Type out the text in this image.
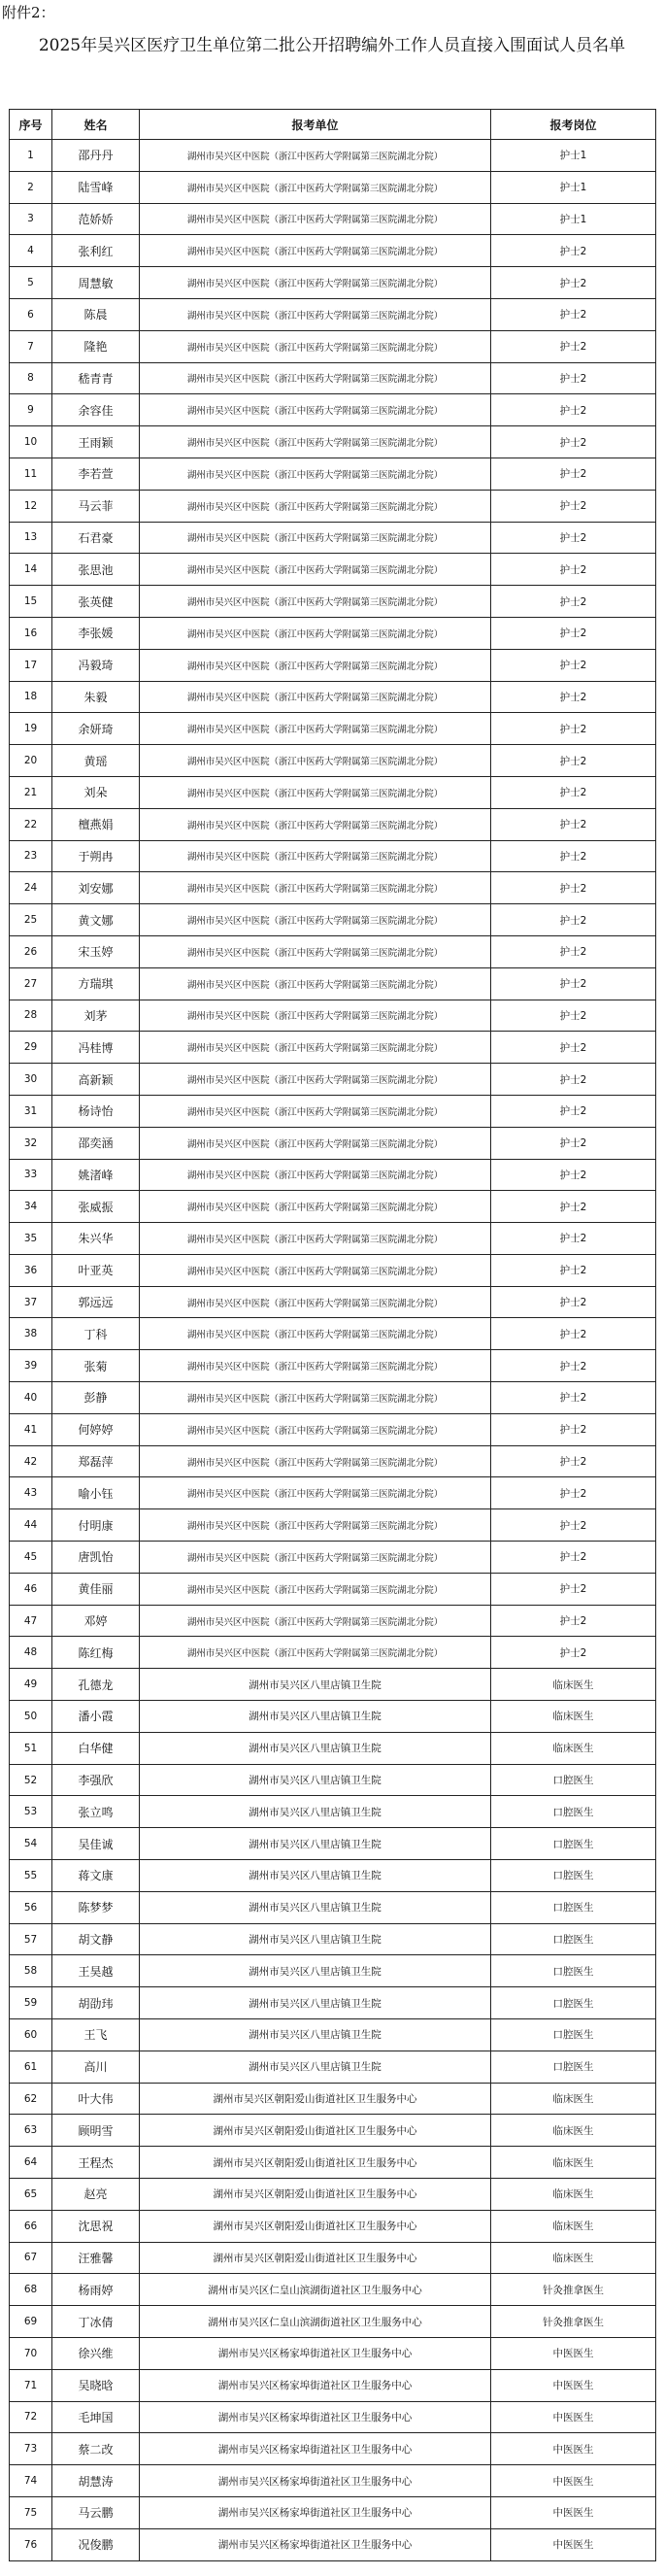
附件2：
2025年吴兴区医疗卫生单位第二批公开招聘编外工作人员直接入围面试人员名单
序号	姓名	报考单位	报考岗位
1	邵丹丹	湖州市吴兴区中医院（浙江中医药大学附属第三医院湖北分院）	护士1
2	陆雪峰	湖州市吴兴区中医院（浙江中医药大学附属第三医院湖北分院）	护士1
3	范娇娇	湖州市吴兴区中医院（浙江中医药大学附属第三医院湖北分院）	护士1
4	张利红	湖州市吴兴区中医院（浙江中医药大学附属第三医院湖北分院）	护士2
5	周慧敏	湖州市吴兴区中医院（浙江中医药大学附属第三医院湖北分院）	护士2
6	陈晨	湖州市吴兴区中医院（浙江中医药大学附属第三医院湖北分院）	护士2
7	隆艳	湖州市吴兴区中医院（浙江中医药大学附属第三医院湖北分院）	护士2
8	嵇青青	湖州市吴兴区中医院（浙江中医药大学附属第三医院湖北分院）	护士2
9	余容佳	湖州市吴兴区中医院（浙江中医药大学附属第三医院湖北分院）	护士2
10	王雨颖	湖州市吴兴区中医院（浙江中医药大学附属第三医院湖北分院）	护士2
11	李若萱	湖州市吴兴区中医院（浙江中医药大学附属第三医院湖北分院）	护士2
12	马云菲	湖州市吴兴区中医院（浙江中医药大学附属第三医院湖北分院）	护士2
13	石君豪	湖州市吴兴区中医院（浙江中医药大学附属第三医院湖北分院）	护士2
14	张思池	湖州市吴兴区中医院（浙江中医药大学附属第三医院湖北分院）	护士2
15	张英健	湖州市吴兴区中医院（浙江中医药大学附属第三医院湖北分院）	护士2
16	李张媛	湖州市吴兴区中医院（浙江中医药大学附属第三医院湖北分院）	护士2
17	冯毅琦	湖州市吴兴区中医院（浙江中医药大学附属第三医院湖北分院）	护士2
18	朱毅	湖州市吴兴区中医院（浙江中医药大学附属第三医院湖北分院）	护士2
19	余妍琦	湖州市吴兴区中医院（浙江中医药大学附属第三医院湖北分院）	护士2
20	黄瑶	湖州市吴兴区中医院（浙江中医药大学附属第三医院湖北分院）	护士2
21	刘朵	湖州市吴兴区中医院（浙江中医药大学附属第三医院湖北分院）	护士2
22	檀燕娟	湖州市吴兴区中医院（浙江中医药大学附属第三医院湖北分院）	护士2
23	于朔冉	湖州市吴兴区中医院（浙江中医药大学附属第三医院湖北分院）	护士2
24	刘安娜	湖州市吴兴区中医院（浙江中医药大学附属第三医院湖北分院）	护士2
25	黄文娜	湖州市吴兴区中医院（浙江中医药大学附属第三医院湖北分院）	护士2
26	宋玉婷	湖州市吴兴区中医院（浙江中医药大学附属第三医院湖北分院）	护士2
27	方瑞琪	湖州市吴兴区中医院（浙江中医药大学附属第三医院湖北分院）	护士2
28	刘茅	湖州市吴兴区中医院（浙江中医药大学附属第三医院湖北分院）	护士2
29	冯桂博	湖州市吴兴区中医院（浙江中医药大学附属第三医院湖北分院）	护士2
30	高新颖	湖州市吴兴区中医院（浙江中医药大学附属第三医院湖北分院）	护士2
31	杨诗怡	湖州市吴兴区中医院（浙江中医药大学附属第三医院湖北分院）	护士2
32	邵奕涵	湖州市吴兴区中医院（浙江中医药大学附属第三医院湖北分院）	护士2
33	姚渚峰	湖州市吴兴区中医院（浙江中医药大学附属第三医院湖北分院）	护士2
34	张威振	湖州市吴兴区中医院（浙江中医药大学附属第三医院湖北分院）	护士2
35	朱兴华	湖州市吴兴区中医院（浙江中医药大学附属第三医院湖北分院）	护士2
36	叶亚英	湖州市吴兴区中医院（浙江中医药大学附属第三医院湖北分院）	护士2
37	郭远远	湖州市吴兴区中医院（浙江中医药大学附属第三医院湖北分院）	护士2
38	丁科	湖州市吴兴区中医院（浙江中医药大学附属第三医院湖北分院）	护士2
39	张菊	湖州市吴兴区中医院（浙江中医药大学附属第三医院湖北分院）	护士2
40	彭静	湖州市吴兴区中医院（浙江中医药大学附属第三医院湖北分院）	护士2
41	何婷婷	湖州市吴兴区中医院（浙江中医药大学附属第三医院湖北分院）	护士2
42	郑磊萍	湖州市吴兴区中医院（浙江中医药大学附属第三医院湖北分院）	护士2
43	喻小钰	湖州市吴兴区中医院（浙江中医药大学附属第三医院湖北分院）	护士2
44	付明康	湖州市吴兴区中医院（浙江中医药大学附属第三医院湖北分院）	护士2
45	唐凯怡	湖州市吴兴区中医院（浙江中医药大学附属第三医院湖北分院）	护士2
46	黄佳丽	湖州市吴兴区中医院（浙江中医药大学附属第三医院湖北分院）	护士2
47	邓婷	湖州市吴兴区中医院（浙江中医药大学附属第三医院湖北分院）	护士2
48	陈红梅	湖州市吴兴区中医院（浙江中医药大学附属第三医院湖北分院）	护士2
49	孔德龙	湖州市吴兴区八里店镇卫生院	临床医生
50	潘小霞	湖州市吴兴区八里店镇卫生院	临床医生
51	白华健	湖州市吴兴区八里店镇卫生院	临床医生
52	李强欣	湖州市吴兴区八里店镇卫生院	口腔医生
53	张立鸣	湖州市吴兴区八里店镇卫生院	口腔医生
54	吴佳诚	湖州市吴兴区八里店镇卫生院	口腔医生
55	蒋文康	湖州市吴兴区八里店镇卫生院	口腔医生
56	陈梦梦	湖州市吴兴区八里店镇卫生院	口腔医生
57	胡文静	湖州市吴兴区八里店镇卫生院	口腔医生
58	王昊越	湖州市吴兴区八里店镇卫生院	口腔医生
59	胡劭玮	湖州市吴兴区八里店镇卫生院	口腔医生
60	王飞	湖州市吴兴区八里店镇卫生院	口腔医生
61	高川	湖州市吴兴区八里店镇卫生院	口腔医生
62	叶大伟	湖州市吴兴区朝阳爱山街道社区卫生服务中心	临床医生
63	顾明雪	湖州市吴兴区朝阳爱山街道社区卫生服务中心	临床医生
64	王程杰	湖州市吴兴区朝阳爱山街道社区卫生服务中心	临床医生
65	赵亮	湖州市吴兴区朝阳爱山街道社区卫生服务中心	临床医生
66	沈思祝	湖州市吴兴区朝阳爱山街道社区卫生服务中心	临床医生
67	汪雅馨	湖州市吴兴区朝阳爱山街道社区卫生服务中心	临床医生
68	杨雨婷	湖州市吴兴区仁皇山滨湖街道社区卫生服务中心	针灸推拿医生
69	丁冰倩	湖州市吴兴区仁皇山滨湖街道社区卫生服务中心	针灸推拿医生
70	徐兴维	湖州市吴兴区杨家埠街道社区卫生服务中心	中医医生
71	吴晓晗	湖州市吴兴区杨家埠街道社区卫生服务中心	中医医生
72	毛坤国	湖州市吴兴区杨家埠街道社区卫生服务中心	中医医生
73	蔡二改	湖州市吴兴区杨家埠街道社区卫生服务中心	中医医生
74	胡慧涛	湖州市吴兴区杨家埠街道社区卫生服务中心	中医医生
75	马云鹏	湖州市吴兴区杨家埠街道社区卫生服务中心	中医医生
76	况俊鹏	湖州市吴兴区杨家埠街道社区卫生服务中心	中医医生
